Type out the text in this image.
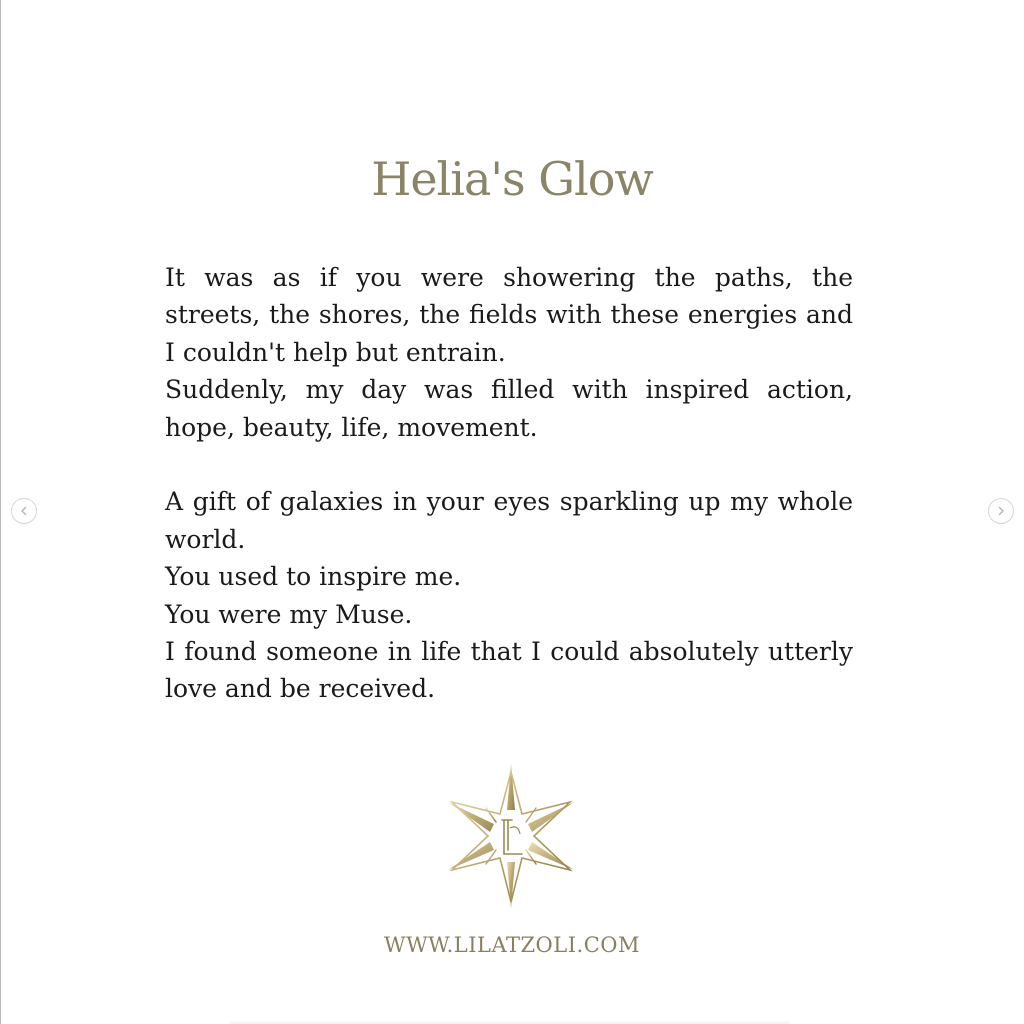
Helia's Glow

It was as if you were showering the paths, the streets, the shores, the fields with these energies and I couldn't help but entrain.

Suddenly, my day was filled with inspired action, hope, beauty, life, movement.

A gift of galaxies in your eyes sparkling up my whole world.

You used to inspire me.

You were my Muse.

I found someone in life that I could absolutely utterly love and be received.

WWW.LILATZOLI.COM
